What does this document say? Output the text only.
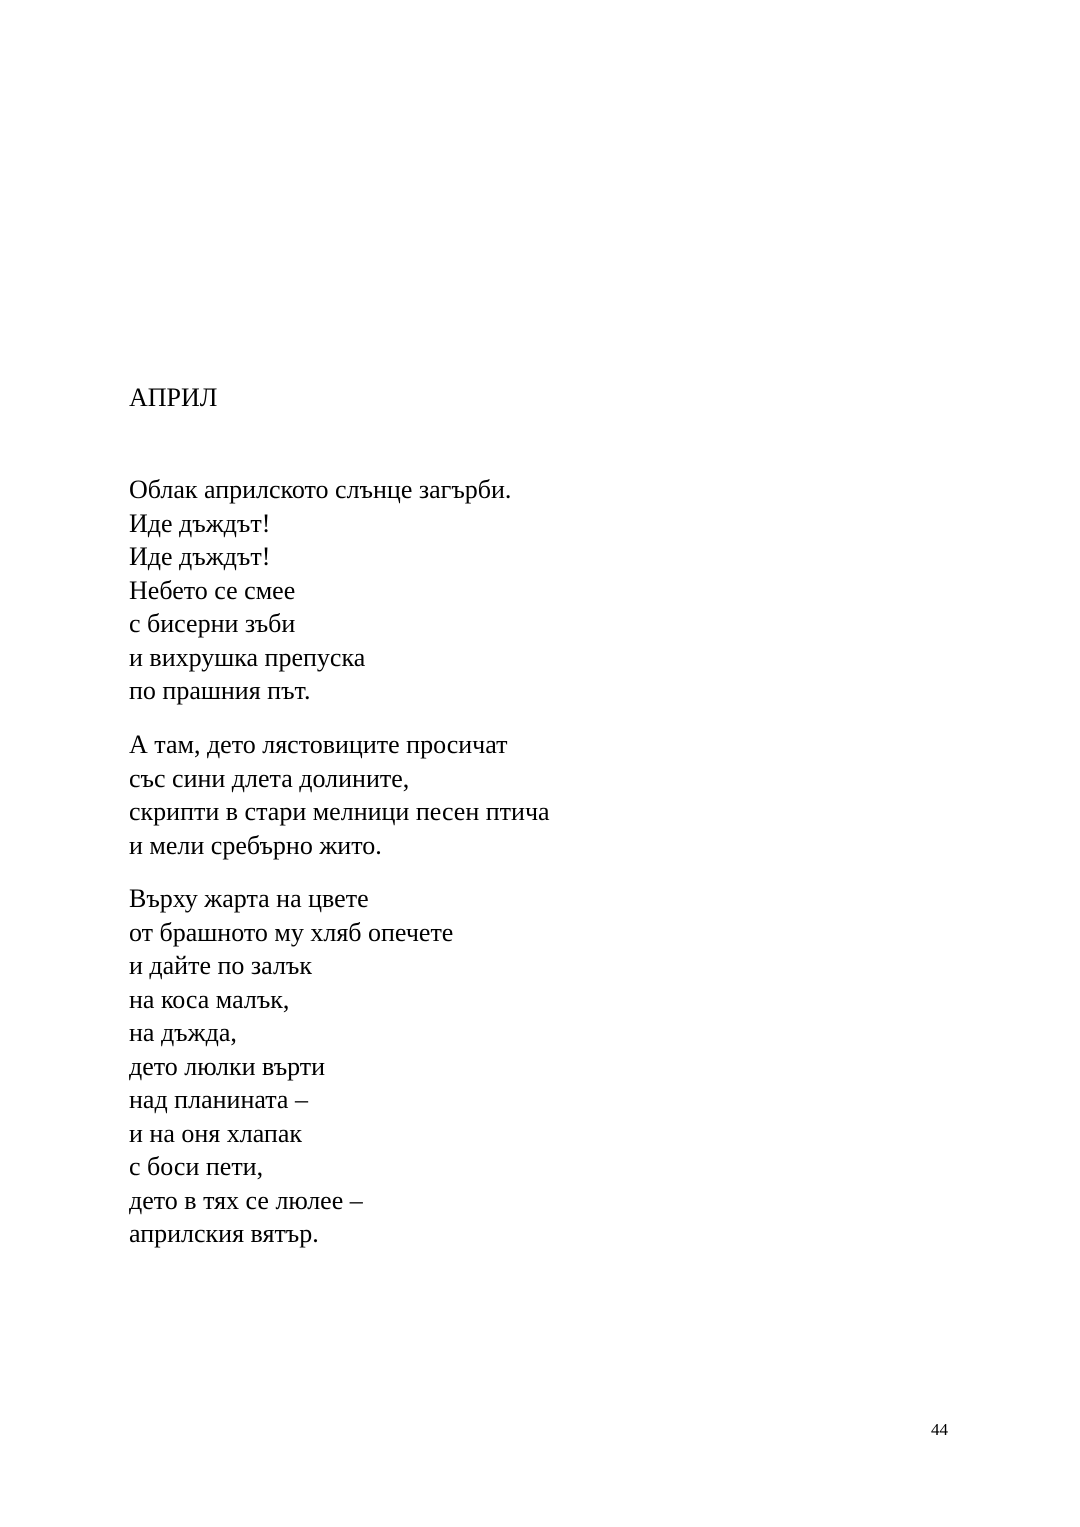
АПРИЛ
Облак априлското слънце загърби.
Иде дъждът!
Иде дъждът!
Небето се смее
с бисерни зъби
и вихрушка препуска
по прашния път.
А там, дето лястовиците просичат
със сини длета долините,
скрипти в стари мелници песен птича
и мели сребърно жито.
Върху жарта на цвете
от брашното му хляб опечете
и дайте по залък
на коса малък,
на дъжда,
дето люлки върти
над планината –
и на оня хлапак
с боси пети,
дето в тях се люлее –
априлския вятър.
44
